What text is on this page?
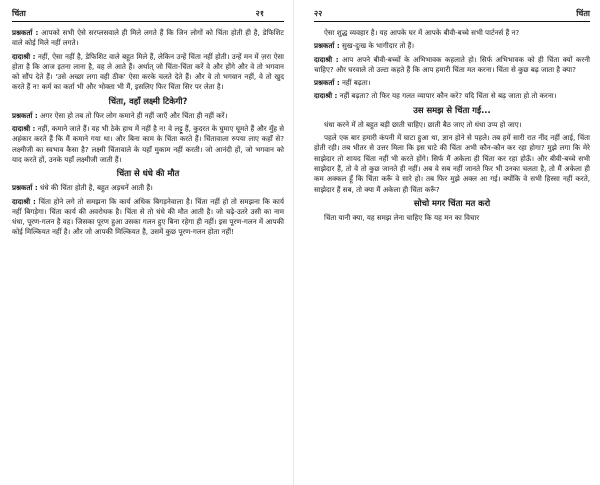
चिंता	२१

प्रश्नकर्ता : आपको सभी ऐसे सरप्लसवाले ही मिले लगते हैं कि जिन लोगों को चिंता होती ही है, डेफिशिट वाले कोई मिले नहीं लगते।

दादाश्री : नहीं, ऐसा नहीं है, डेफिशिट वाले बहुत मिले हैं, लेकिन उन्हें चिंता नहीं होती। उन्हें मन में ज़रा ऐसा होता है कि आज इतना लाना है, वह ले आते हैं। अर्थात् जो चिंता-चिंता करें वे और होंगे और वे तो भगवान को सौंप देते हैं। 'उसे अच्छा लगा वही ठीक' ऐसा करके चलते देते हैं। और वे तो भगवान नहीं, वे तो खुद करते हैं न! कर्म का कर्ता भी और भोक्ता भी मैं, इसलिए फिर चिंता सिर पर लेता है।

चिंता, वहाँ लक्ष्मी टिकेगी?

प्रश्नकर्ता : अगर ऐसा हो तब तो फिर लोग कमाने ही नहीं जाएँ और चिंता ही नहीं करें।

दादाश्री : नहीं, कमाने जाते हैं। वह भी ठेके हाथ में नहीं है न! वे लट्टू हैं, कुदरत के घुमाए घूमते हैं और मुँह से अहंकार करते हैं कि मैं कमाने गया था। और बिना काम के चिंता करते हैं। चिंतावाला रुपया लाए कहाँ से? लक्ष्मीजी का स्वभाव कैसा है? लक्ष्मी चिंतावाले के यहाँ मुकाम नहीं करती। जो आनंदी हों, जो भगवान को याद करते हों, उनके यहाँ लक्ष्मीजी जाती हैं।

चिंता से धंधे की मौत

प्रश्नकर्ता : धंधे की चिंता होती है, बहुत अड़चनें आती हैं।

दादाश्री : चिंता होने लगे तो समझना कि कार्य अधिक बिगड़नेवाला है। चिंता नहीं हो तो समझना कि कार्य नहीं बिगड़ेगा। चिंता कार्य की अवरोधक है। चिंता से तो धंधे की मौत आती है। जो चढ़े-उतरे उसी का नाम धंधा, पूरण-गलन है वह। जिसका पूरण हुआ उसका गलन हुए बिना रहेगा ही नहीं। इस पूरण-गलन में आपकी कोई मिल्कियत नहीं है। और जो आपकी मिल्कियत है, उसमें कुछ पूरण-गलन होता नहीं!

२२	चिंता

ऐसा शुद्ध व्यवहार है। यह आपके घर में आपके बीवी-बच्चे सभी पार्टनर्स हैं न?

प्रश्नकर्ता : सुख-दुःख के भागीदार तो हैं।

दादाश्री : आप अपने बीवी-बच्चों के अभिभावक कहलाते हो। सिर्फ अभिभावक को ही चिंता क्यों करनी चाहिए? और घरवाले तो उल्टा कहते हैं कि आप हमारी चिंता मत करना। चिंता से कुछ बढ़ जाता है क्या?

प्रश्नकर्ता : नहीं बढ़ता।

दादाश्री : नहीं बढ़ता? तो फिर यह गलत व्यापार कौन करे? यदि चिंता से बढ़ जाता हो तो करना।

उस समझ से चिंता गई...

धंधा करने में तो बहुत बड़ी छाती चाहिए। छाती बैठ जाए तो धंधा उप्प हो जाए।

पहले एक बार हमारी कंपनी में घाटा हुआ था, ज्ञान होने से पहले। तब हमें सारी रात नींद नहीं आई, चिंता होती रही। तब भीतर से उत्तर मिला कि इस घाटे की चिंता अभी कौन-कौन कर रहा होगा? मुझे लगा कि मेरे साझेदार तो शायद चिंता नहीं भी करते होंगे। सिर्फ मैं अकेला ही चिंता कर रहा होऊँ। और बीवी-बच्चे सभी साझेदार हैं, तो वे तो कुछ जानते ही नहीं। अब वे सब नहीं जानते फिर भी उनका चलता है, तो मैं अकेला ही कम अक्कल हूँ कि चिंता करूँ वे सारे हो। तब फिर मुझे अक्ल आ गई। क्योंकि वे सभी हिस्सा नहीं करते, साझेदार हैं सब, तो क्या मैं अकेला ही चिंता करूँ?

सोचो मगर चिंता मत करो

चिंता यानी क्या, यह समझ लेना चाहिए कि यह मन का विचार
